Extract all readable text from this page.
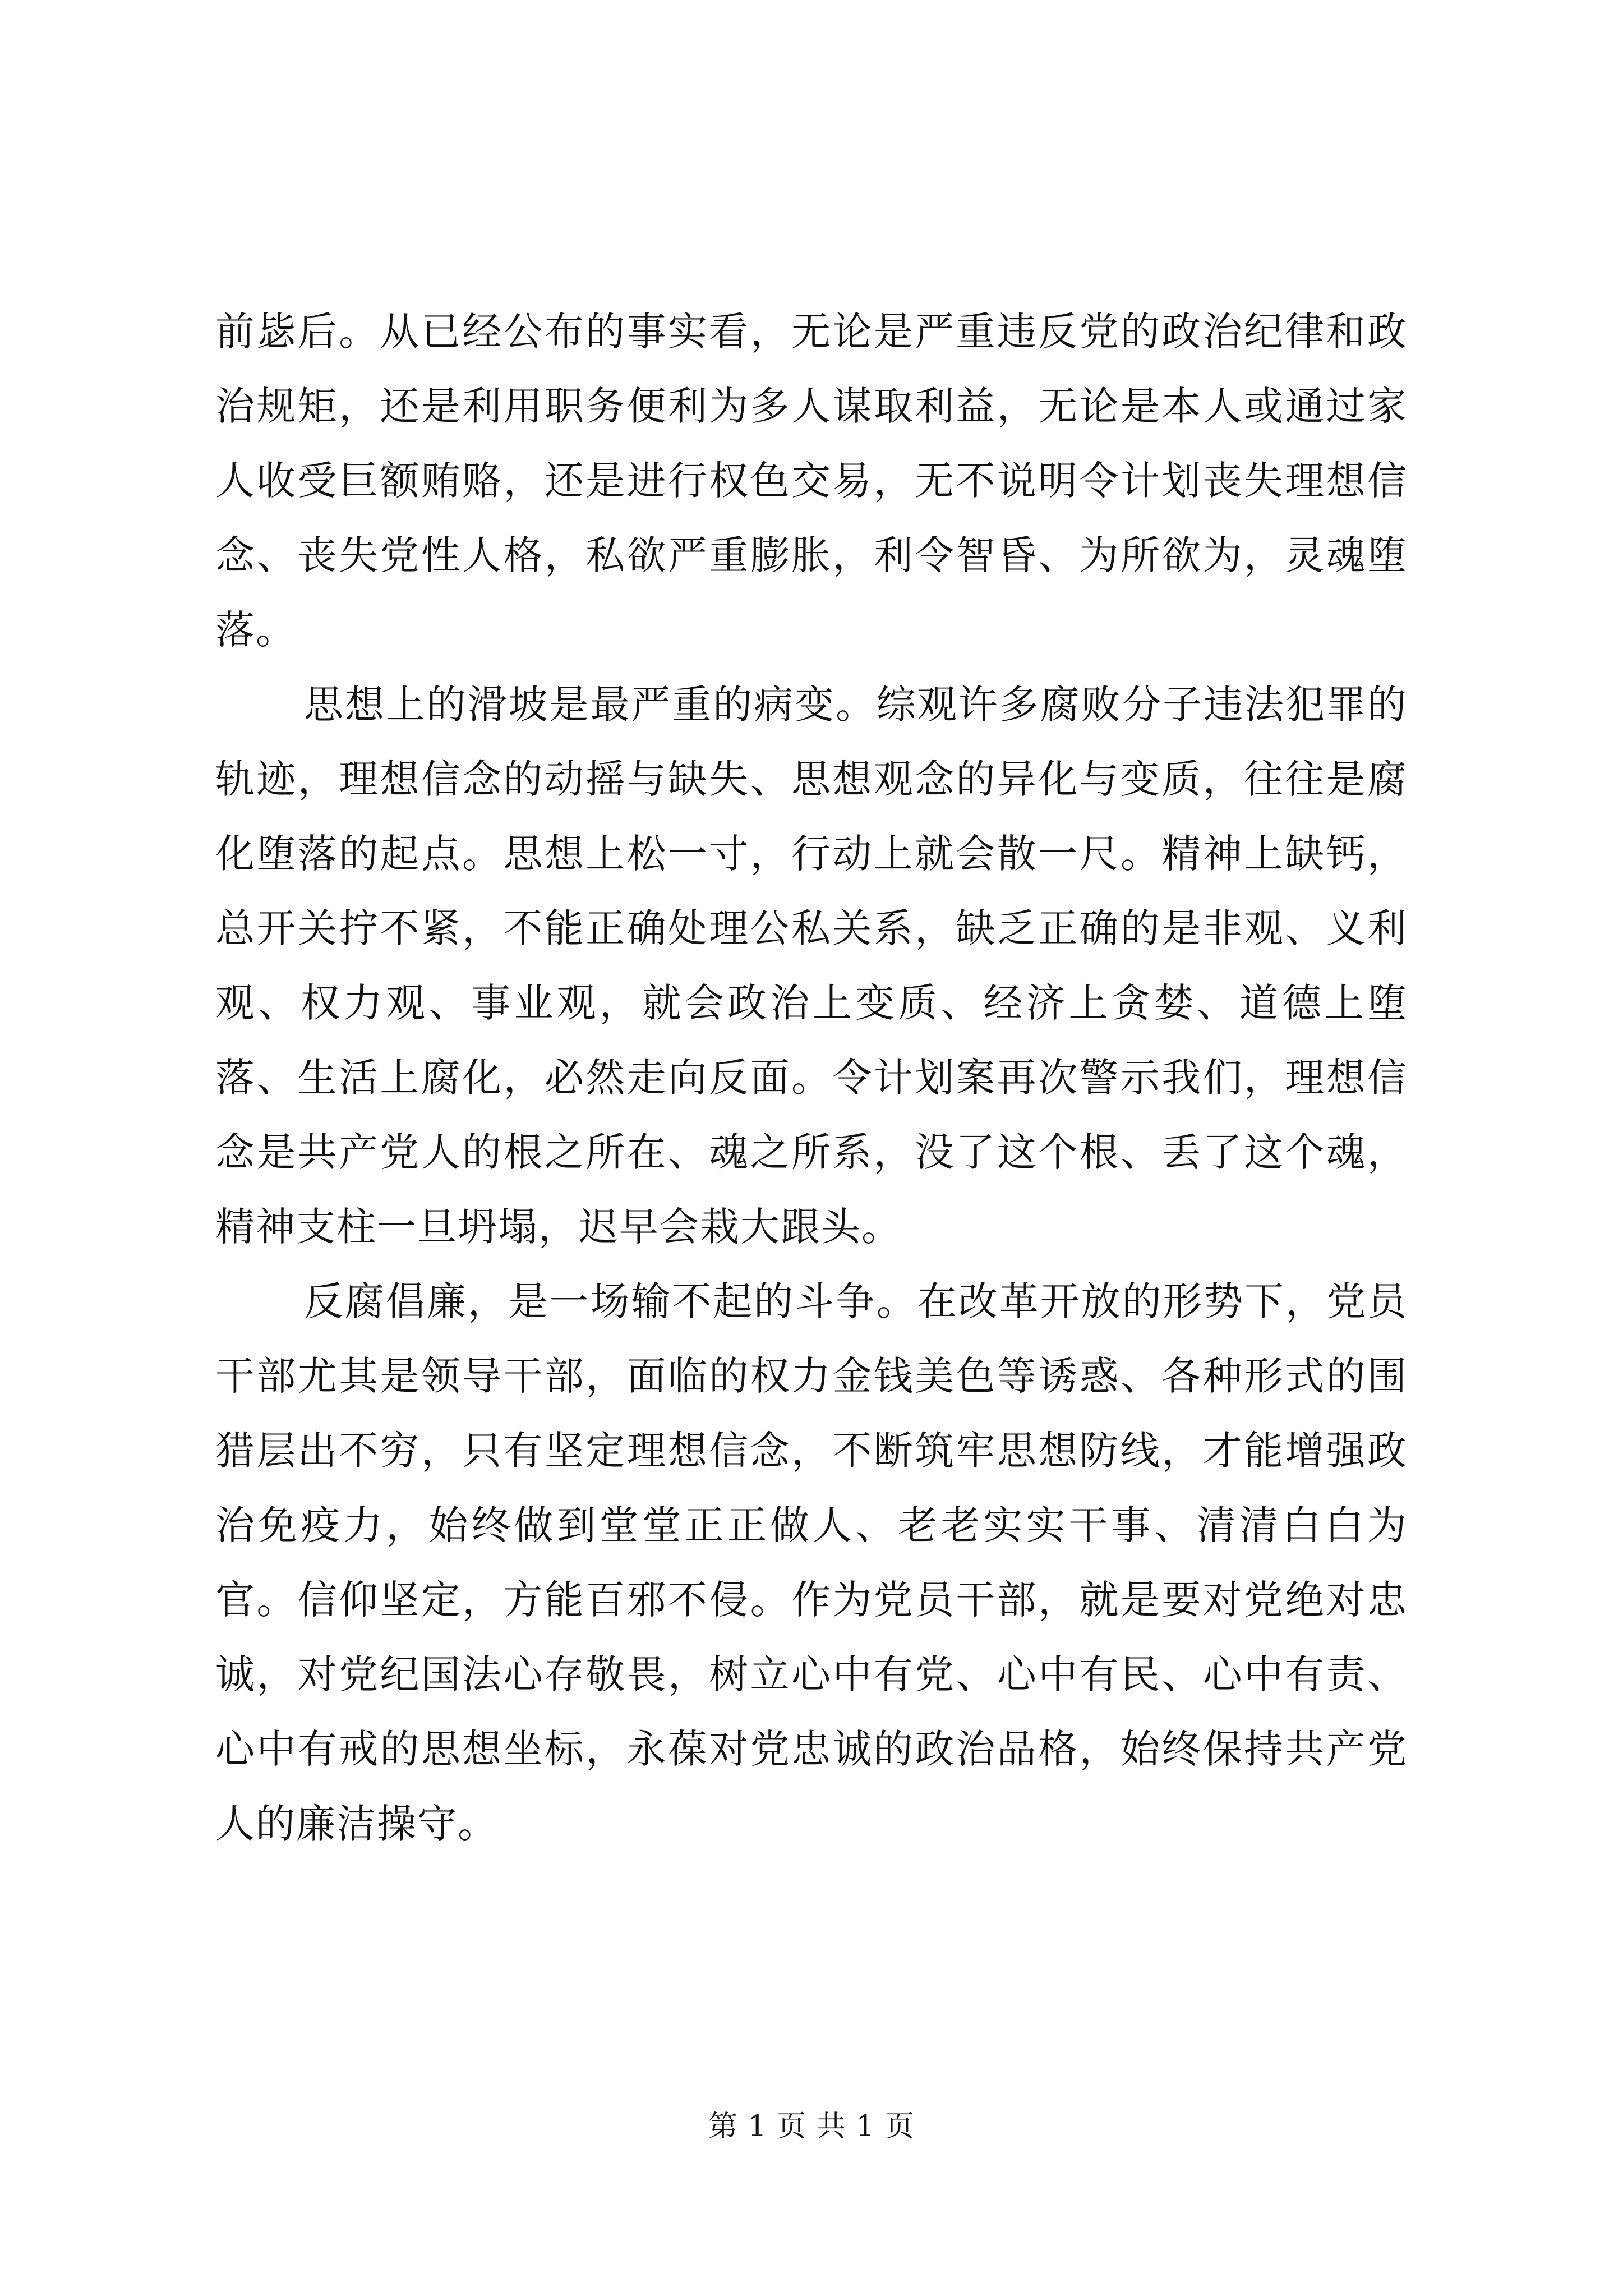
前毖后。从已经公布的事实看，无论是严重违反党的政治纪律和政治规矩，还是利用职务便利为多人谋取利益，无论是本人或通过家人收受巨额贿赂，还是进行权色交易，无不说明令计划丧失理想信念、丧失党性人格，私欲严重膨胀，利令智昏、为所欲为，灵魂堕落。

思想上的滑坡是最严重的病变。综观许多腐败分子违法犯罪的轨迹，理想信念的动摇与缺失、思想观念的异化与变质，往往是腐化堕落的起点。思想上松一寸，行动上就会散一尺。精神上缺钙，总开关拧不紧，不能正确处理公私关系，缺乏正确的是非观、义利观、权力观、事业观，就会政治上变质、经济上贪婪、道德上堕落、生活上腐化，必然走向反面。令计划案再次警示我们，理想信念是共产党人的根之所在、魂之所系，没了这个根、丢了这个魂，精神支柱一旦坍塌，迟早会栽大跟头。

反腐倡廉，是一场输不起的斗争。在改革开放的形势下，党员干部尤其是领导干部，面临的权力金钱美色等诱惑、各种形式的围猎层出不穷，只有坚定理想信念，不断筑牢思想防线，才能增强政治免疫力，始终做到堂堂正正做人、老老实实干事、清清白白为官。信仰坚定，方能百邪不侵。作为党员干部，就是要对党绝对忠诚，对党纪国法心存敬畏，树立心中有党、心中有民、心中有责、心中有戒的思想坐标，永葆对党忠诚的政治品格，始终保持共产党人的廉洁操守。

第 1 页 共 1 页
